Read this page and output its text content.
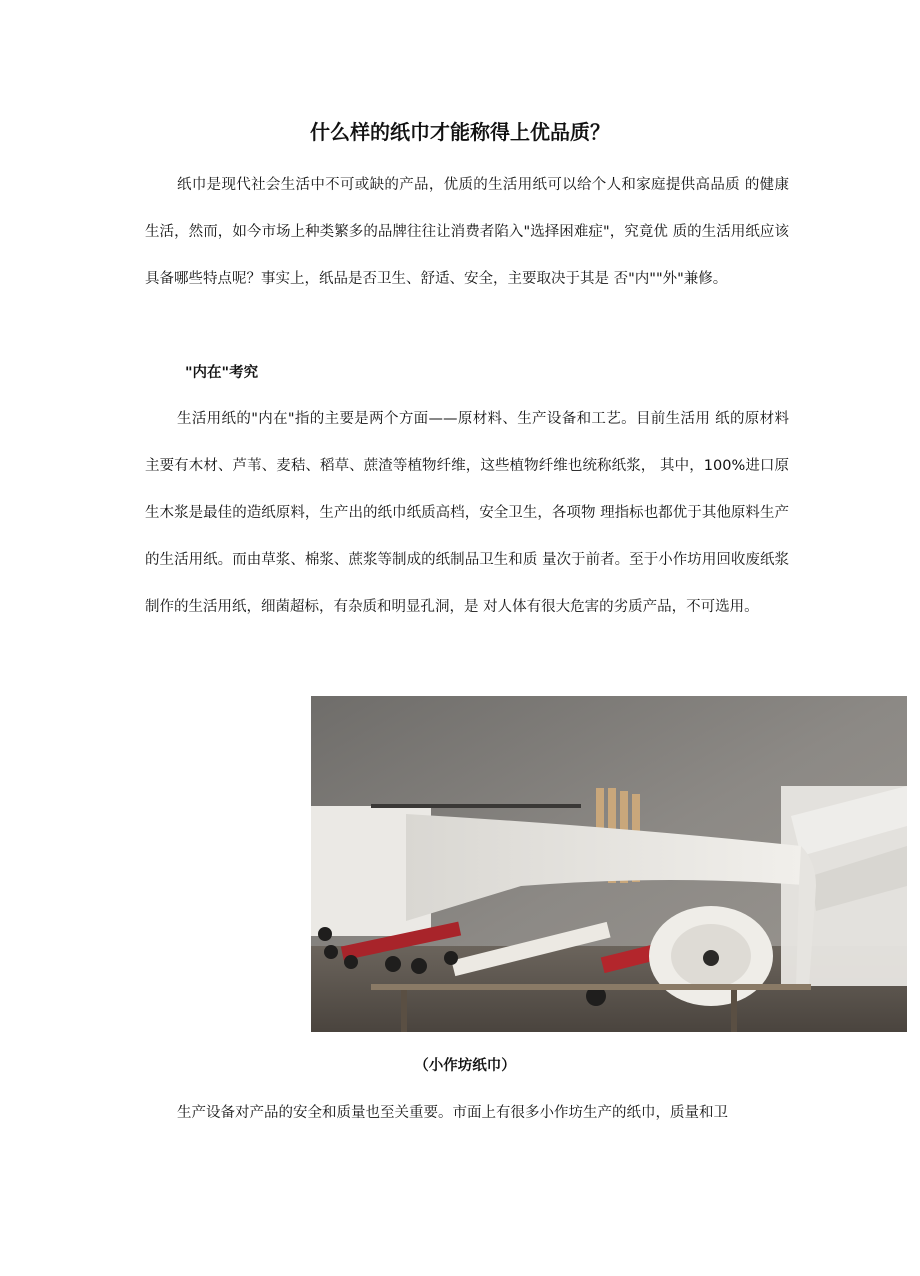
什么样的纸巾才能称得上优品质？

纸巾是现代社会生活中不可或缺的产品，优质的生活用纸可以给个人和家庭提供高品质 的健康生活，然而，如今市场上种类繁多的品牌往往让消费者陷入"选择困难症"，究竟优 质的生活用纸应该具备哪些特点呢？事实上，纸品是否卫生、舒适、安全，主要取决于其是 否"内""外"兼修。

"内在"考究

生活用纸的"内在"指的主要是两个方面——原材料、生产设备和工艺。目前生活用 纸的原材料主要有木材、芦苇、麦秸、稻草、蔗渣等植物纤维，这些植物纤维也统称纸浆， 其中，100%进口原生木浆是最佳的造纸原料，生产出的纸巾纸质高档，安全卫生，各项物 理指标也都优于其他原料生产的生活用纸。而由草浆、棉浆、蔗浆等制成的纸制品卫生和质 量次于前者。至于小作坊用回收废纸浆制作的生活用纸，细菌超标，有杂质和明显孔洞，是 对人体有很大危害的劣质产品，不可选用。

（小作坊纸巾）

生产设备对产品的安全和质量也至关重要。市面上有很多小作坊生产的纸巾，质量和卫
